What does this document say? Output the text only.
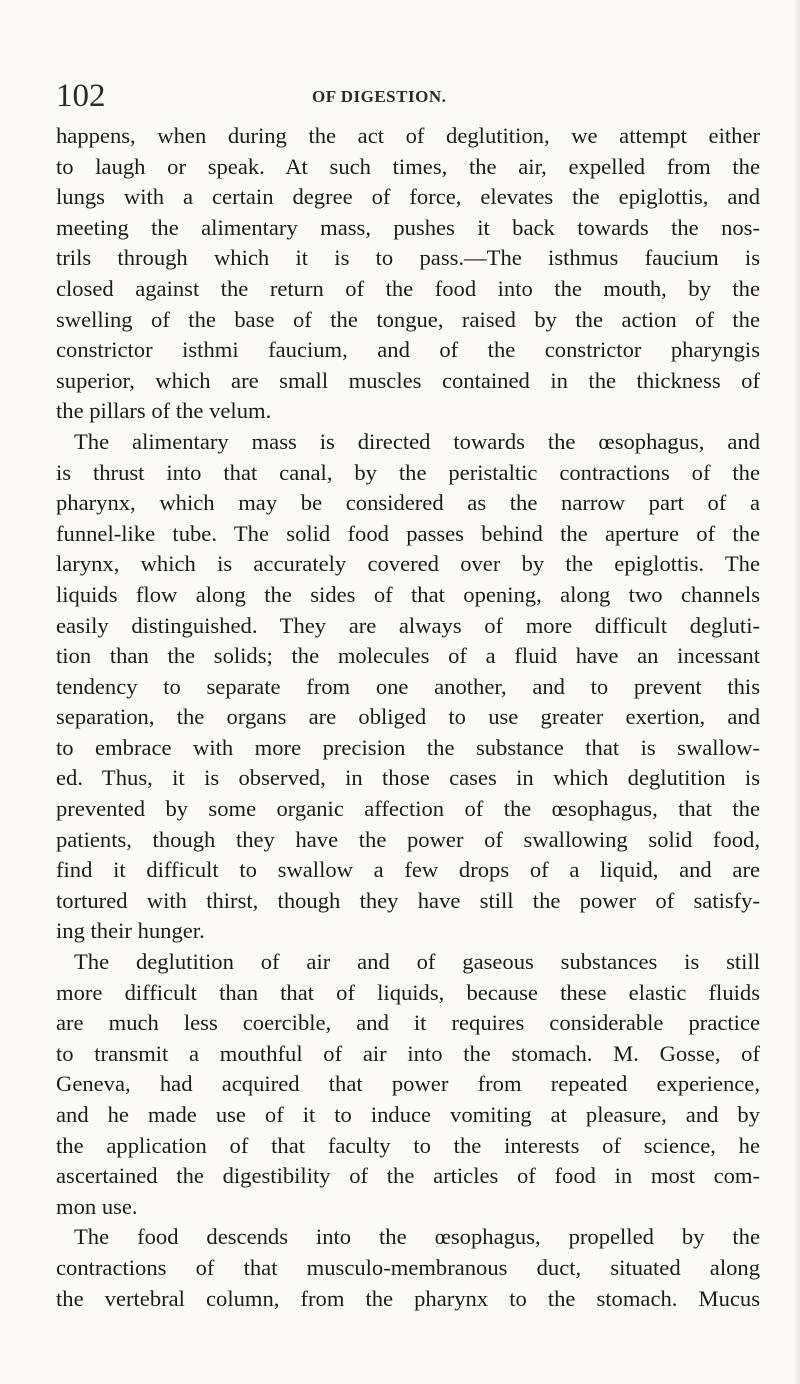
102	OF DIGESTION.

happens, when during the act of deglutition, we attempt either
to laugh or speak. At such times, the air, expelled from the
lungs with a certain degree of force, elevates the epiglottis, and
meeting the alimentary mass, pushes it back towards the nos-
trils through which it is to pass.—The isthmus faucium is
closed against the return of the food into the mouth, by the
swelling of the base of the tongue, raised by the action of the
constrictor isthmi faucium, and of the constrictor pharyngis
superior, which are small muscles contained in the thickness of
the pillars of the velum.

The alimentary mass is directed towards the œsophagus, and
is thrust into that canal, by the peristaltic contractions of the
pharynx, which may be considered as the narrow part of a
funnel-like tube. The solid food passes behind the aperture of the
larynx, which is accurately covered over by the epiglottis. The
liquids flow along the sides of that opening, along two channels
easily distinguished. They are always of more difficult degluti-
tion than the solids; the molecules of a fluid have an incessant
tendency to separate from one another, and to prevent this
separation, the organs are obliged to use greater exertion, and
to embrace with more precision the substance that is swallow-
ed. Thus, it is observed, in those cases in which deglutition is
prevented by some organic affection of the œsophagus, that the
patients, though they have the power of swallowing solid food,
find it difficult to swallow a few drops of a liquid, and are
tortured with thirst, though they have still the power of satisfy-
ing their hunger.

The deglutition of air and of gaseous substances is still
more difficult than that of liquids, because these elastic fluids
are much less coercible, and it requires considerable practice
to transmit a mouthful of air into the stomach. M. Gosse, of
Geneva, had acquired that power from repeated experience,
and he made use of it to induce vomiting at pleasure, and by
the application of that faculty to the interests of science, he
ascertained the digestibility of the articles of food in most com-
mon use.

The food descends into the œsophagus, propelled by the
contractions of that musculo-membranous duct, situated along
the vertebral column, from the pharynx to the stomach. Mucus
